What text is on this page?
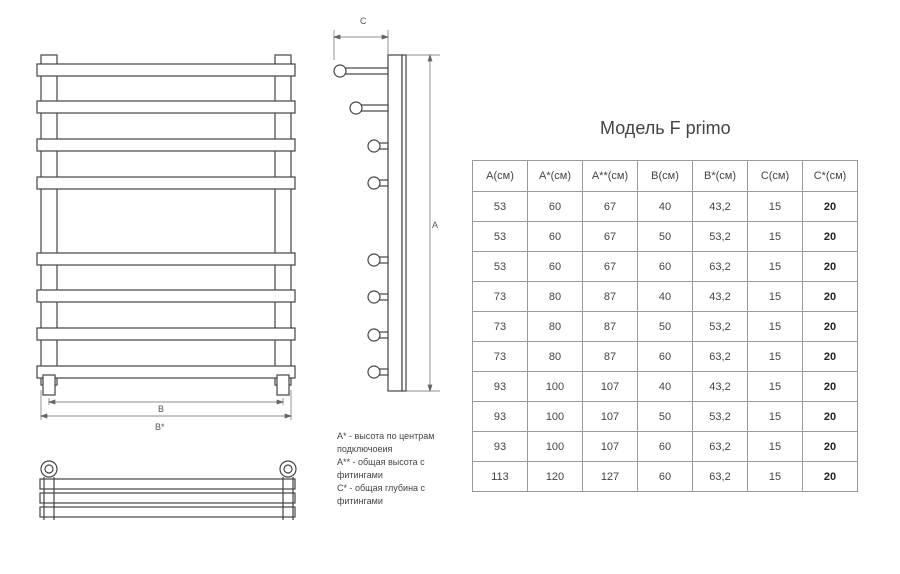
B
B*
C
A
Модель F primo
A(см)	A*(см)	A**(см)	B(см)	B*(см)	C(см)	C*(см)
53	60	67	40	43,2	15	20
53	60	67	50	53,2	15	20
53	60	67	60	63,2	15	20
73	80	87	40	43,2	15	20
73	80	87	50	53,2	15	20
73	80	87	60	63,2	15	20
93	100	107	40	43,2	15	20
93	100	107	50	53,2	15	20
93	100	107	60	63,2	15	20
113	120	127	60	63,2	15	20
A* - высота по центрам подключоеия
A** - общая высота с фитингами
C* - общая глубина с фитингами
